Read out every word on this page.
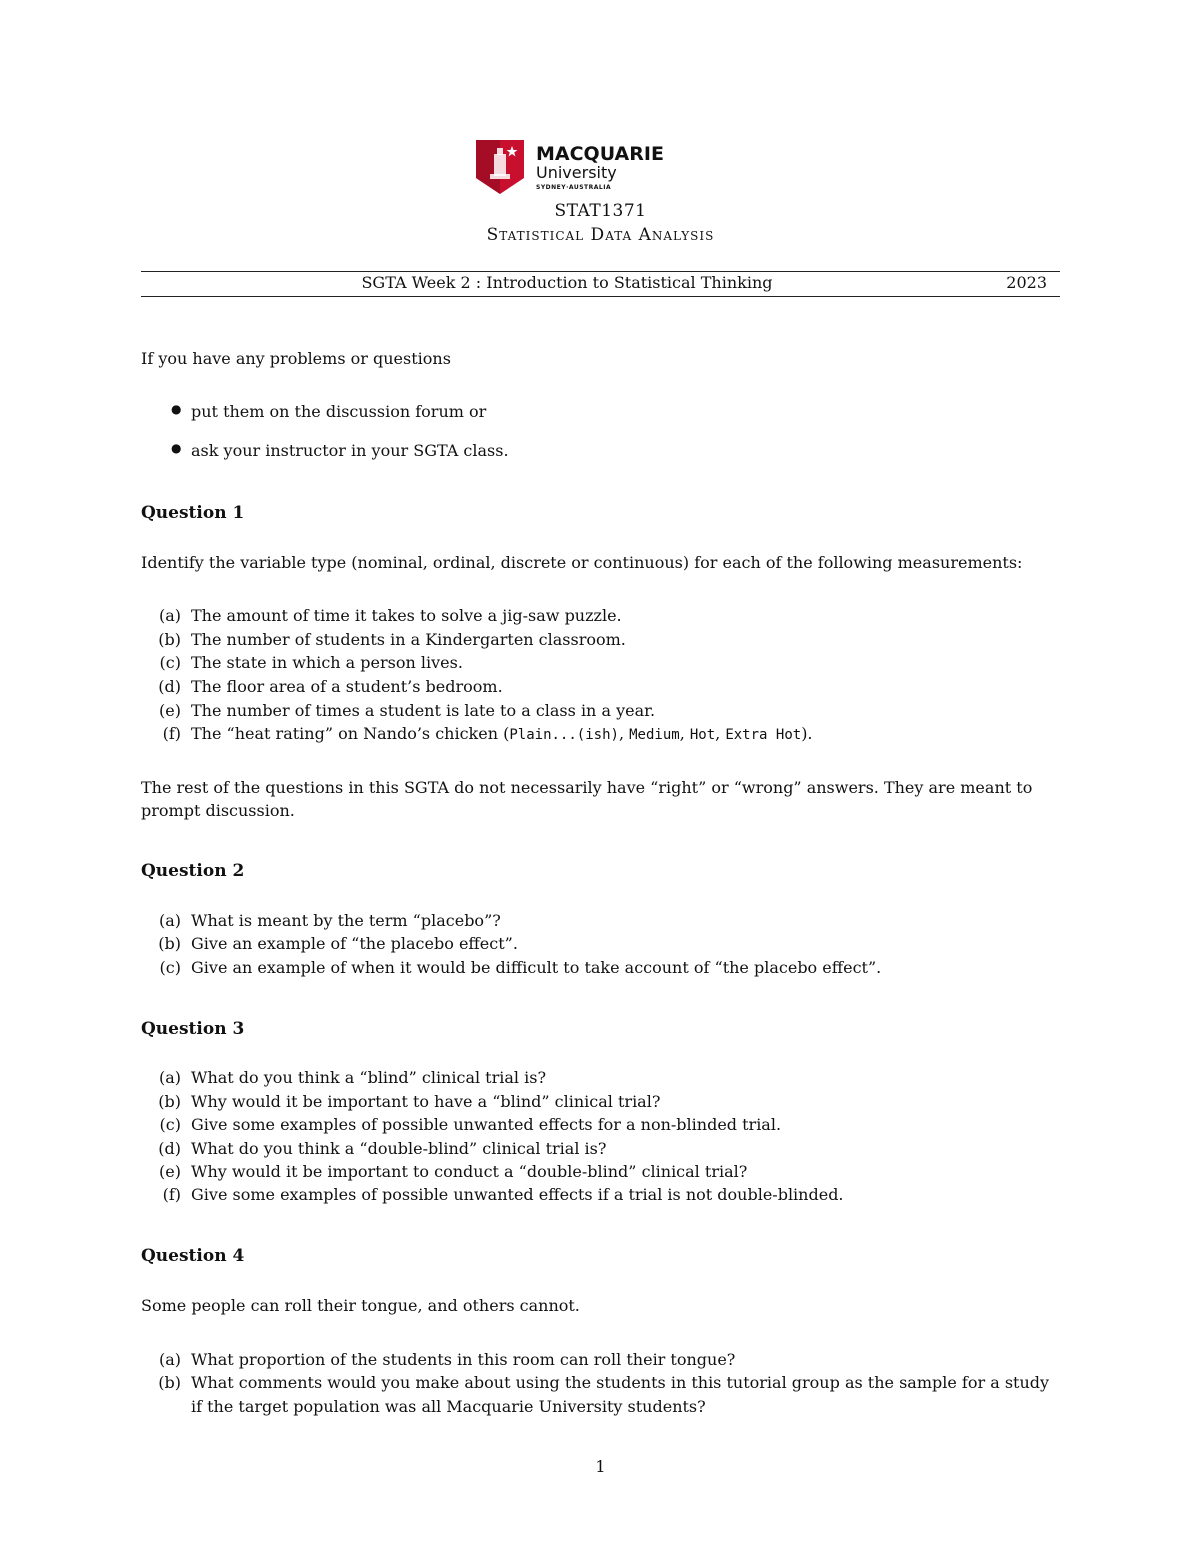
MACQUARIE
University
SYDNEY·AUSTRALIA
STAT1371
Statistical Data Analysis
SGTA Week 2 : Introduction to Statistical Thinking	2023
If you have any problems or questions
● put them on the discussion forum or
● ask your instructor in your SGTA class.
Question 1
Identify the variable type (nominal, ordinal, discrete or continuous) for each of the following measurements:
(a) The amount of time it takes to solve a jig-saw puzzle.
(b) The number of students in a Kindergarten classroom.
(c) The state in which a person lives.
(d) The floor area of a student’s bedroom.
(e) The number of times a student is late to a class in a year.
(f) The “heat rating” on Nando’s chicken (Plain...(ish), Medium, Hot, Extra Hot).
The rest of the questions in this SGTA do not necessarily have “right” or “wrong” answers. They are meant to prompt discussion.
Question 2
(a) What is meant by the term “placebo”?
(b) Give an example of “the placebo effect”.
(c) Give an example of when it would be difficult to take account of “the placebo effect”.
Question 3
(a) What do you think a “blind” clinical trial is?
(b) Why would it be important to have a “blind” clinical trial?
(c) Give some examples of possible unwanted effects for a non-blinded trial.
(d) What do you think a “double-blind” clinical trial is?
(e) Why would it be important to conduct a “double-blind” clinical trial?
(f) Give some examples of possible unwanted effects if a trial is not double-blinded.
Question 4
Some people can roll their tongue, and others cannot.
(a) What proportion of the students in this room can roll their tongue?
(b) What comments would you make about using the students in this tutorial group as the sample for a study if the target population was all Macquarie University students?
1
